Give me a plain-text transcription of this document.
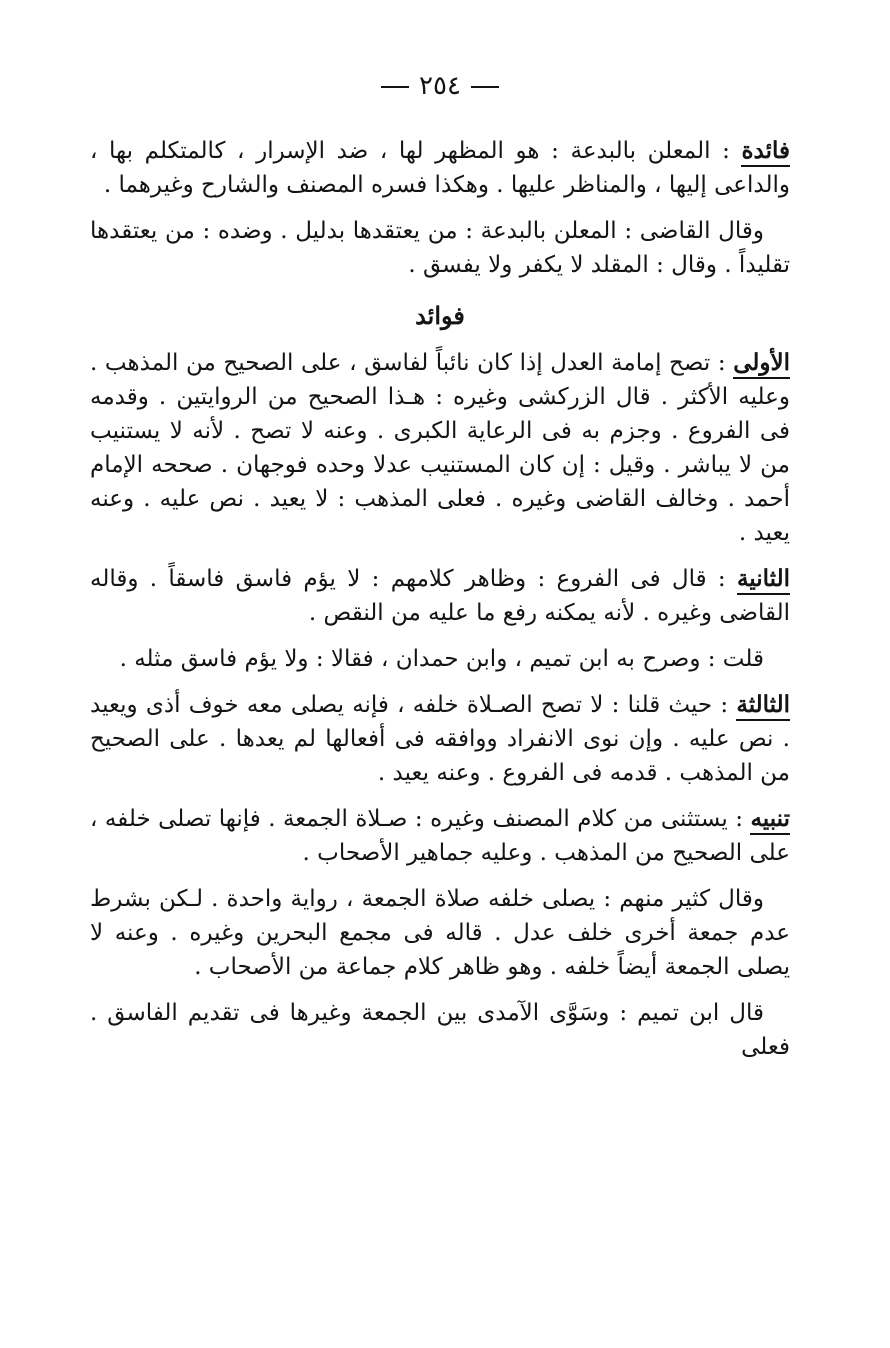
٢٥٤

فائدة : المعلن بالبدعة : هو المظهر لها ، ضد الإسرار ، كالمتكلم بها ، والداعى إليها ، والمناظر عليها . وهكذا فسره المصنف والشارح وغيرهما .

وقال القاضى : المعلن بالبدعة : من يعتقدها بدليل . وضده : من يعتقدها تقليداً . وقال : المقلد لا يكفر ولا يفسق .

فوائد

الأولى : تصح إمامة العدل إذا كان نائباً لفاسق ، على الصحيح من المذهب . وعليه الأكثر . قال الزركشى وغيره : هـذا الصحيح من الروايتين . وقدمه فى الفروع . وجزم به فى الرعاية الكبرى . وعنه لا تصح . لأنه لا يستنيب من لا يباشر . وقيل : إن كان المستنيب عدلا وحده فوجهان . صححه الإمام أحمد . وخالف القاضى وغيره . فعلى المذهب : لا يعيد . نص عليه . وعنه يعيد .

الثانية : قال فى الفروع : وظاهر كلامهم : لا يؤم فاسق فاسقاً . وقاله القاضى وغيره . لأنه يمكنه رفع ما عليه من النقص .

قلت : وصرح به ابن تميم ، وابن حمدان ، فقالا : ولا يؤم فاسق مثله .

الثالثة : حيث قلنا : لا تصح الصـلاة خلفه ، فإنه يصلى معه خوف أذى ويعيد . نص عليه . وإن نوى الانفراد ووافقه فى أفعالها لم يعدها . على الصحيح من المذهب . قدمه فى الفروع . وعنه يعيد .

تنبيه : يستثنى من كلام المصنف وغيره : صـلاة الجمعة . فإنها تصلى خلفه ، على الصحيح من المذهب . وعليه جماهير الأصحاب .

وقال كثير منهم : يصلى خلفه صلاة الجمعة ، رواية واحدة . لـكن بشرط عدم جمعة أخرى خلف عدل . قاله فى مجمع البحرين وغيره . وعنه لا يصلى الجمعة أيضاً خلفه . وهو ظاهر كلام جماعة من الأصحاب .

قال ابن تميم : وسَوَّى الآمدى بين الجمعة وغيرها فى تقديم الفاسق . فعلى
